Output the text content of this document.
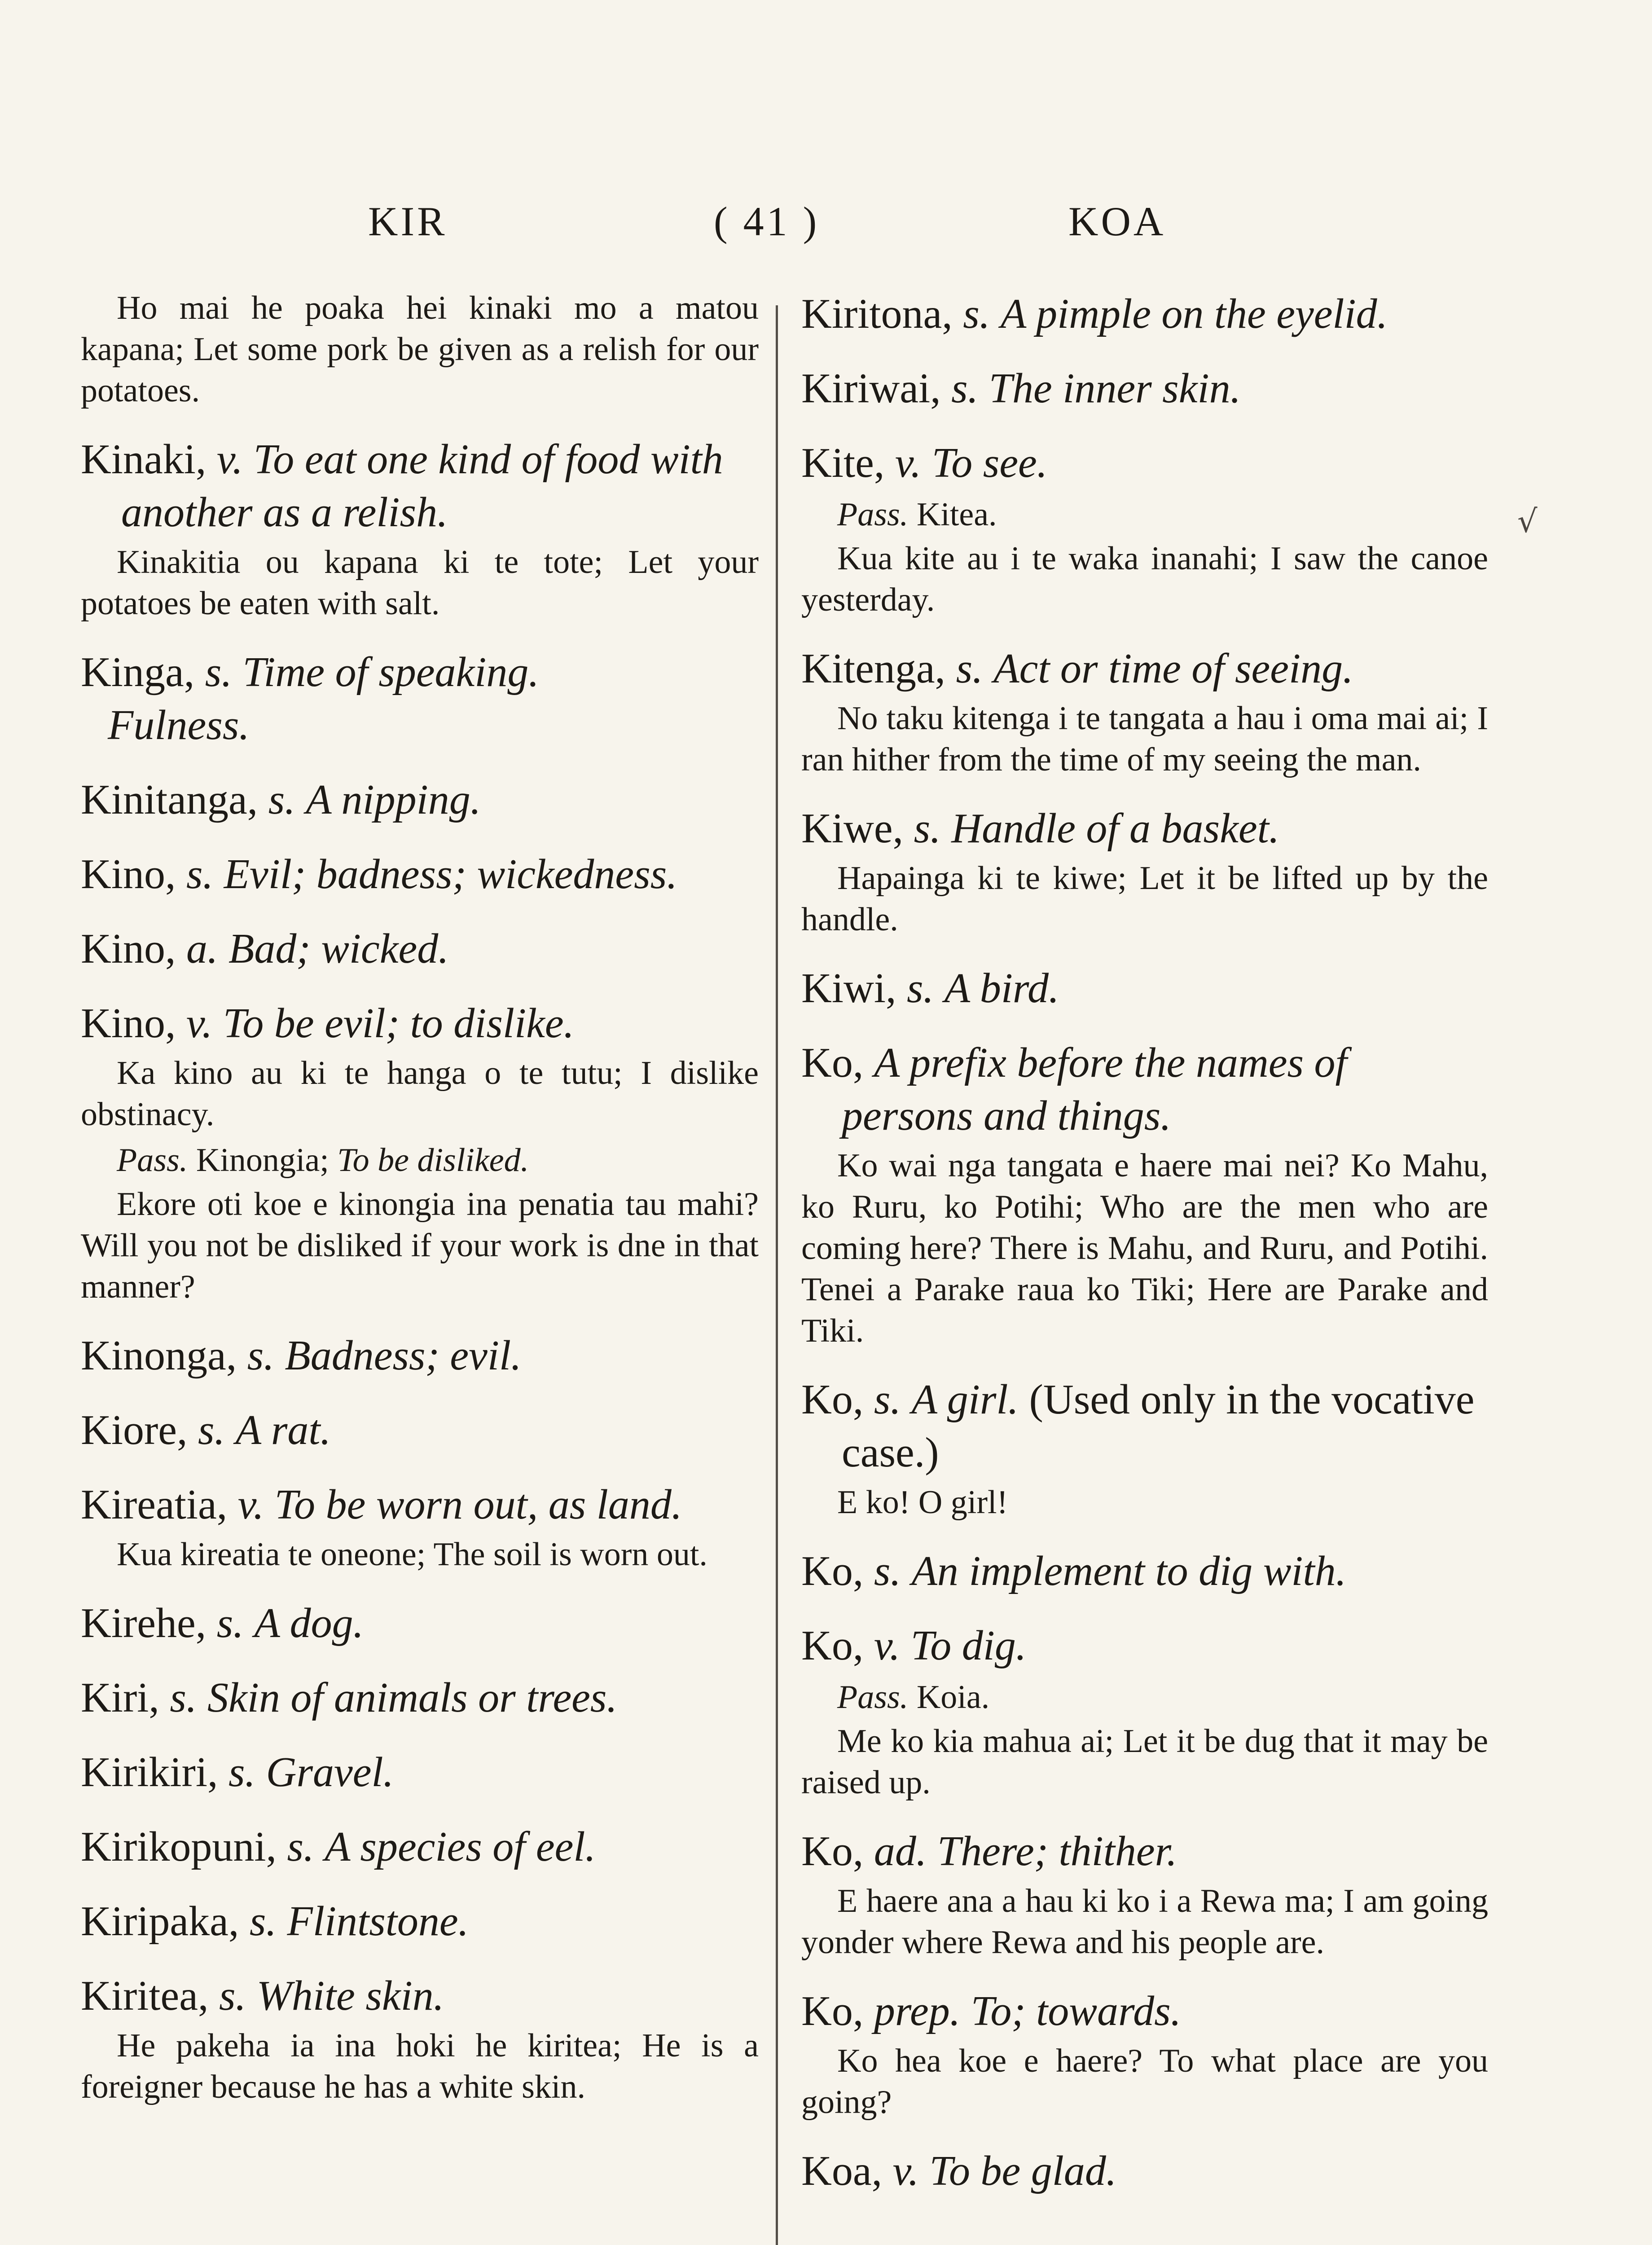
KIR	( 41 )	KOA

Ho mai he poaka hei kinaki mo a matou kapana; Let some pork be given as a relish for our potatoes.

Kinaki, v. To eat one kind of food with another as a relish.

Kinakitia ou kapana ki te tote; Let your potatoes be eaten with salt.

Kinga, s. Time of speaking.
Fulness.
Kinitanga, s. A nipping.
Kino, s. Evil; badness; wickedness.
Kino, a. Bad; wicked.
Kino, v. To be evil; to dislike.

Ka kino au ki te hanga o te tutu; I dislike obstinacy.

Pass. Kinongia; To be disliked.

Ekore oti koe e kinongia ina penatia tau mahi? Will you not be disliked if your work is dne in that manner?

Kinonga, s. Badness; evil.
Kiore, s. A rat.
Kireatia, v. To be worn out, as land.

Kua kireatia te oneone; The soil is worn out.

Kirehe, s. A dog.
Kiri, s. Skin of animals or trees.
Kirikiri, s. Gravel.
Kirikopuni, s. A species of eel.
Kiripaka, s. Flintstone.
Kiritea, s. White skin.

He pakeha ia ina hoki he kiritea; He is a foreigner because he has a white skin.

Kiritona, s. A pimple on the eyelid.
Kiriwai, s. The inner skin.
Kite, v. To see.

Pass. Kitea.

Kua kite au i te waka inanahi; I saw the canoe yesterday.

Kitenga, s. Act or time of seeing.

No taku kitenga i te tangata a hau i oma mai ai; I ran hither from the time of my seeing the man.

Kiwe, s. Handle of a basket.

Hapainga ki te kiwe; Let it be lifted up by the handle.

Kiwi, s. A bird.
Ko, A prefix before the names of persons and things.

Ko wai nga tangata e haere mai nei? Ko Mahu, ko Ruru, ko Potihi; Who are the men who are coming here? There is Mahu, and Ruru, and Potihi. Tenei a Parake raua ko Tiki; Here are Parake and Tiki.

Ko, s. A girl. (Used only in the vocative case.)

E ko! O girl!

Ko, s. An implement to dig with.
Ko, v. To dig.

Pass. Koia.

Me ko kia mahua ai; Let it be dug that it may be raised up.

Ko, ad. There; thither.

E haere ana a hau ki ko i a Rewa ma; I am going yonder where Rewa and his people are.

Ko, prep. To; towards.

Ko hea koe e haere? To what place are you going?

Koa, v. To be glad.
√
